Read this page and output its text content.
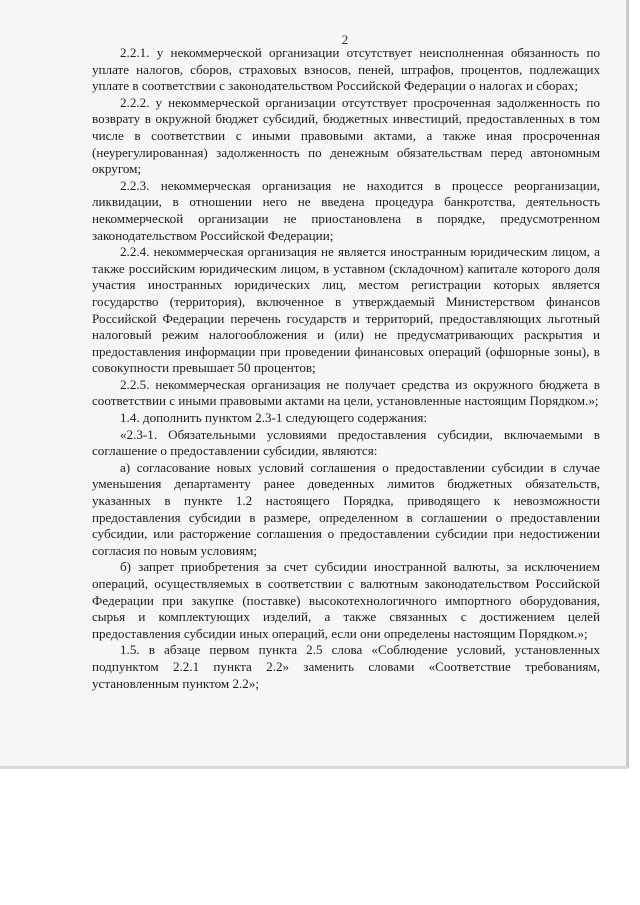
2

2.2.1. у некоммерческой организации отсутствует неисполненная обязанность по уплате налогов, сборов, страховых взносов, пеней, штрафов, процентов, подлежащих уплате в соответствии с законодательством Российской Федерации о налогах и сборах;

2.2.2. у некоммерческой организации отсутствует просроченная задолженность по возврату в окружной бюджет субсидий, бюджетных инвестиций, предоставленных в том числе в соответствии с иными правовыми актами, а также иная просроченная (неурегулированная) задолженность по денежным обязательствам перед автономным округом;

2.2.3. некоммерческая организация не находится в процессе реорганизации, ликвидации, в отношении него не введена процедура банкротства, деятельность некоммерческой организации не приостановлена в порядке, предусмотренном законодательством Российской Федерации;

2.2.4. некоммерческая организация не является иностранным юридическим лицом, а также российским юридическим лицом, в уставном (складочном) капитале которого доля участия иностранных юридических лиц, местом регистрации которых является государство (территория), включенное в утверждаемый Министерством финансов Российской Федерации перечень государств и территорий, предоставляющих льготный налоговый режим налогообложения и (или) не предусматривающих раскрытия и предоставления информации при проведении финансовых операций (офшорные зоны), в совокупности превышает 50 процентов;

2.2.5. некоммерческая организация не получает средства из окружного бюджета в соответствии с иными правовыми актами на цели, установленные настоящим Порядком.»;

1.4. дополнить пунктом 2.3-1 следующего содержания:

«2.3-1. Обязательными условиями предоставления субсидии, включаемыми в соглашение о предоставлении субсидии, являются:

а) согласование новых условий соглашения о предоставлении субсидии в случае уменьшения департаменту ранее доведенных лимитов бюджетных обязательств, указанных в пункте 1.2 настоящего Порядка, приводящего к невозможности предоставления субсидии в размере, определенном в соглашении о предоставлении субсидии, или расторжение соглашения о предоставлении субсидии при недостижении согласия по новым условиям;

б) запрет приобретения за счет субсидии иностранной валюты, за исключением операций, осуществляемых в соответствии с валютным законодательством Российской Федерации при закупке (поставке) высокотехнологичного импортного оборудования, сырья и комплектующих изделий, а также связанных с достижением целей предоставления субсидии иных операций, если они определены настоящим Порядком.»;

1.5. в абзаце первом пункта 2.5 слова «Соблюдение условий, установленных подпунктом 2.2.1 пункта 2.2» заменить словами «Соответствие требованиям, установленным пунктом 2.2»;
